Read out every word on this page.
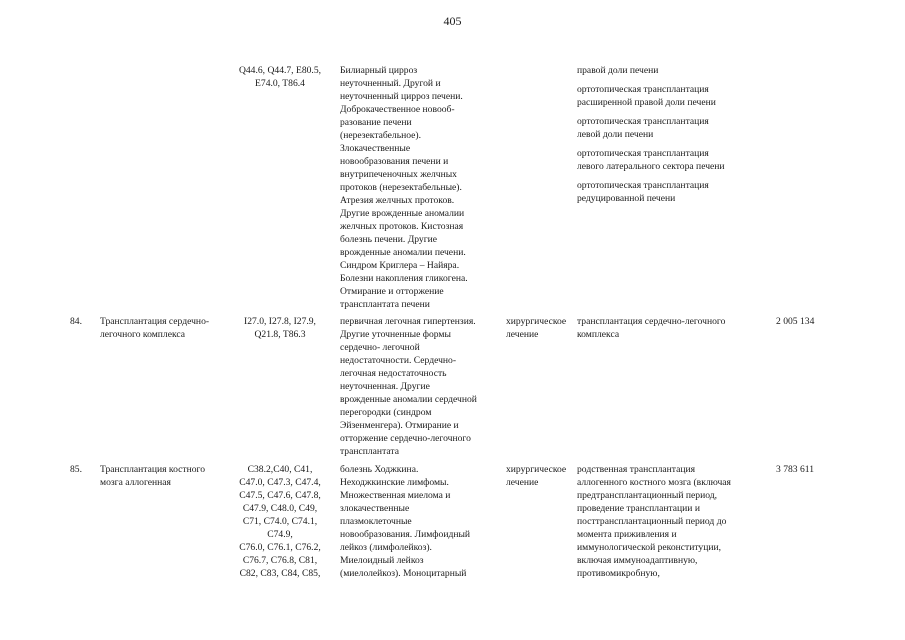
405
Q44.6, Q44.7, E80.5,
E74.0, T86.4
Билиарный цирроз
неуточненный. Другой и
неуточненный цирроз печени.
Доброкачественное новооб-
разование печени
(нерезектабельное).
Злокачественные
новообразования печени и
внутрипеченочных желчных
протоков (нерезектабельные).
Атрезия желчных протоков.
Другие врожденные аномалии
желчных протоков. Кистозная
болезнь печени. Другие
врожденные аномалии печени.
Синдром Криглера – Найяра.
Болезни накопления гликогена.
Отмирание и отторжение
трансплантата печени
правой доли печени
ортотопическая трансплантация
расширенной правой доли печени
ортотопическая трансплантация
левой доли печени
ортотопическая трансплантация
левого латерального сектора печени
ортотопическая трансплантация
редуцированной печени
84.	Трансплантация сердечно-
легочного комплекса
I27.0, I27.8, I27.9,
Q21.8, T86.3
первичная легочная гипертензия.
Другие уточненные формы
сердечно- легочной
недостаточности. Сердечно-
легочная недостаточность
неуточненная. Другие
врожденные аномалии сердечной
перегородки (синдром
Эйзенменгера). Отмирание и
отторжение сердечно-легочного
трансплантата
хирургическое
лечение
трансплантация сердечно-легочного
комплекса
2 005 134
85.	Трансплантация костного
мозга аллогенная
C38.2,C40, C41,
C47.0, C47.3, C47.4,
C47.5, C47.6, C47.8,
C47.9, C48.0, C49,
C71, C74.0, C74.1,
C74.9,
C76.0, C76.1, C76.2,
C76.7, C76.8, C81,
C82, C83, C84, C85,
болезнь Ходжкина.
Неходжкинские лимфомы.
Множественная миелома и
злокачественные
плазмоклеточные
новообразования. Лимфоидный
лейкоз (лимфолейкоз).
Миелоидный лейкоз
(миелолейкоз). Моноцитарный
хирургическое
лечение
родственная трансплантация
аллогенного костного мозга (включая
предтрансплантационный период,
проведение трансплантации и
посттрансплантационный период до
момента приживления и
иммунологической реконституции,
включая иммуноадаптивную,
противомикробную,
3 783 611
